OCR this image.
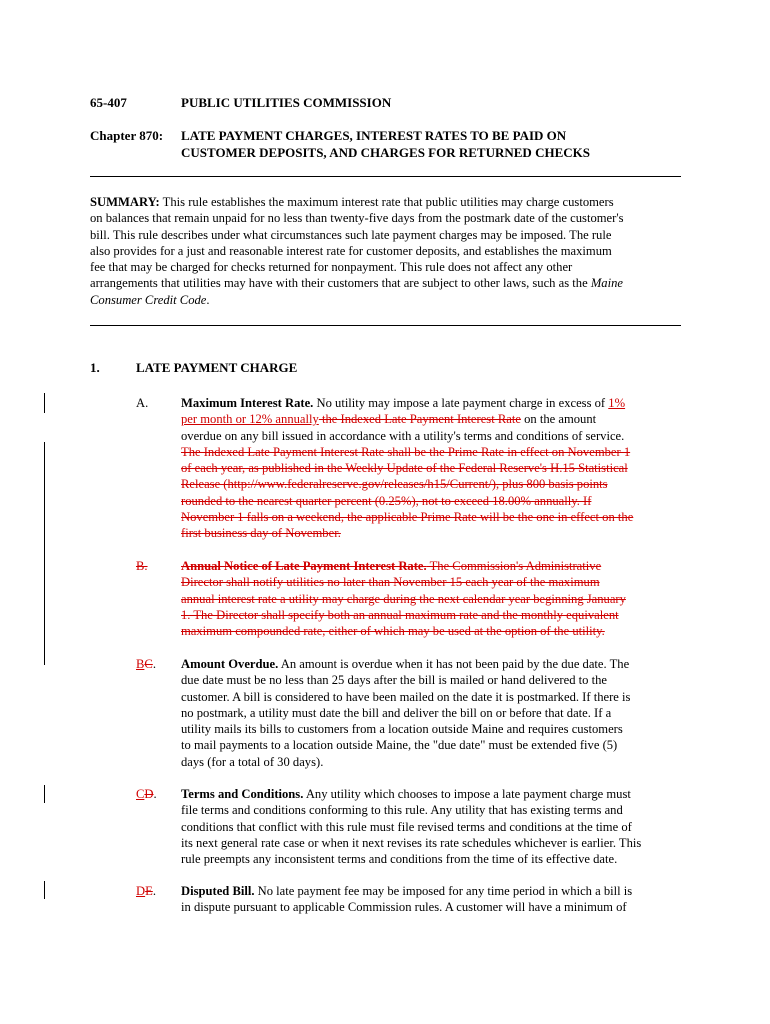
65-407	PUBLIC UTILITIES COMMISSION
Chapter 870: LATE PAYMENT CHARGES, INTEREST RATES TO BE PAID ON
CUSTOMER DEPOSITS, AND CHARGES FOR RETURNED CHECKS
SUMMARY: This rule establishes the maximum interest rate that public utilities may charge customers
on balances that remain unpaid for no less than twenty-five days from the postmark date of the customer's
bill. This rule describes under what circumstances such late payment charges may be imposed. The rule
also provides for a just and reasonable interest rate for customer deposits, and establishes the maximum
fee that may be charged for checks returned for nonpayment. This rule does not affect any other
arrangements that utilities may have with their customers that are subject to other laws, such as the Maine
Consumer Credit Code.
1.	LATE PAYMENT CHARGE
A.	Maximum Interest Rate. No utility may impose a late payment charge in excess of 1%
per month or 12% annually the Indexed Late Payment Interest Rate on the amount
overdue on any bill issued in accordance with a utility's terms and conditions of service.
The Indexed Late Payment Interest Rate shall be the Prime Rate in effect on November 1
of each year, as published in the Weekly Update of the Federal Reserve's H.15 Statistical
Release (http://www.federalreserve.gov/releases/h15/Current/), plus 800 basis points
rounded to the nearest quarter percent (0.25%), not to exceed 18.00% annually. If
November 1 falls on a weekend, the applicable Prime Rate will be the one in effect on the
first business day of November.
B.	Annual Notice of Late Payment Interest Rate. The Commission's Administrative
Director shall notify utilities no later than November 15 each year of the maximum
annual interest rate a utility may charge during the next calendar year beginning January
1. The Director shall specify both an annual maximum rate and the monthly equivalent
maximum compounded rate, either of which may be used at the option of the utility.
BC. Amount Overdue. An amount is overdue when it has not been paid by the due date. The
due date must be no less than 25 days after the bill is mailed or hand delivered to the
customer. A bill is considered to have been mailed on the date it is postmarked. If there is
no postmark, a utility must date the bill and deliver the bill on or before that date. If a
utility mails its bills to customers from a location outside Maine and requires customers
to mail payments to a location outside Maine, the "due date" must be extended five (5)
days (for a total of 30 days).
CD. Terms and Conditions. Any utility which chooses to impose a late payment charge must
file terms and conditions conforming to this rule. Any utility that has existing terms and
conditions that conflict with this rule must file revised terms and conditions at the time of
its next general rate case or when it next revises its rate schedules whichever is earlier. This
rule preempts any inconsistent terms and conditions from the time of its effective date.
DE. Disputed Bill. No late payment fee may be imposed for any time period in which a bill is
in dispute pursuant to applicable Commission rules. A customer will have a minimum of
